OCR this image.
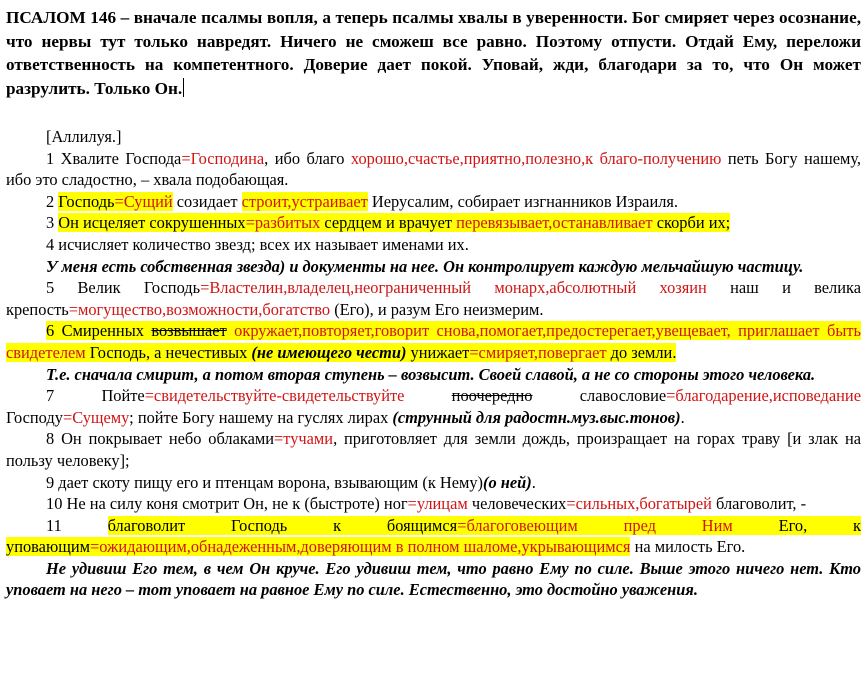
ПСАЛОМ 146 – вначале псалмы вопля, а теперь псалмы хвалы в уверенности. Бог смиряет через осознание, что нервы тут только навредят. Ничего не сможеш все равно. Поэтому отпусти. Отдай Ему, переложи ответственность на компетентного. Доверие дает покой. Уповай, жди, благодари за то, что Он может разрулить. Только Он.

[Аллилуя.]

1 Хвалите Господа=Господина, ибо благо хорошо,счастье,приятно,полезно,к благо-получению петь Богу нашему, ибо это сладостно, – хвала подобающая.

2 Господь=Сущий созидает строит,устраивает Иерусалим, собирает изгнанников Израиля.

3 Он исцеляет сокрушенных=разбитых сердцем и врачует перевязывает,останавливает скорби их;

4 исчисляет количество звезд; всех их называет именами их.

У меня есть собственная звезда) и документы на нее. Он контролирует каждую мельчайшую частицу.

5 Велик Господь=Властелин,владелец,неограниченный монарх,абсолютный хозяин наш и велика крепость=могущество,возможности,богатство (Его), и разум Его неизмерим.

6 Смиренных возвышает окружает,повторяет,говорит снова,помогает,предостерегает,увещевает, приглашает быть свидетелем Господь, а нечестивых (не имеющего чести) унижает=смиряет,повергает до земли.

Т.е. сначала смирит, а потом вторая ступень – возвысит. Своей славой, а не со стороны этого человека.

7 Пойте=свидетельствуйте-свидетельствуйте	поочередно славословие=благодарение,исповедание Господу=Сущему; пойте Богу нашему на гуслях лирах (струнный для радостн.муз.выс.тонов).

8 Он покрывает небо облаками=тучами, приготовляет для земли дождь, произращает на горах траву [и злак на пользу человеку];

9 дает скоту пищу его и птенцам ворона, взывающим (к Нему)(о ней).

10 Не на силу коня смотрит Он, не к (быстроте) ног=улицам человеческих=сильных,богатырей благоволит, -

11 благоволит Господь к боящимся=благоговеющим пред Ним Его, к уповающим=ожидающим,обнадеженным,доверяющим в полном шаломе,укрывающимся на милость Его.

Не удивиш Его тем, в чем Он круче. Его удивиш тем, что равно Ему по силе. Выше этого ничего нет. Кто уповает на него – тот уповает на равное Ему по силе. Естественно, это достойно уважения.
